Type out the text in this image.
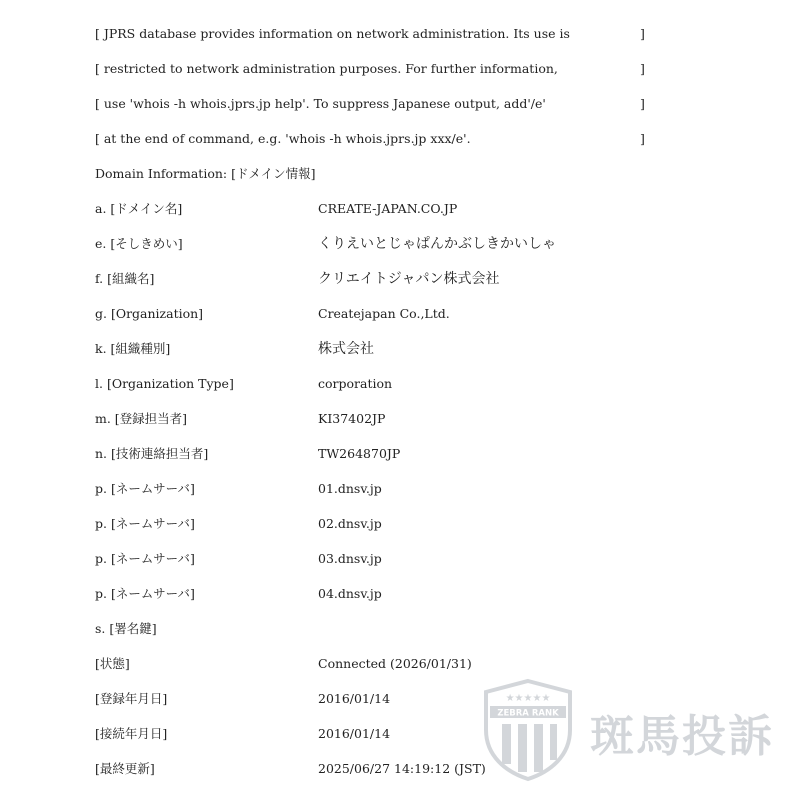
[ JPRS database provides information on network administration. Its use is	]
[ restricted to network administration purposes. For further information,	]
[ use 'whois -h whois.jprs.jp help'. To suppress Japanese output, add'/e'	]
[ at the end of command, e.g. 'whois -h whois.jprs.jp xxx/e'.	]
Domain Information: [ドメイン情報]
a. [ドメイン名]	CREATE-JAPAN.CO.JP
e. [そしきめい]	くりえいとじゃぱんかぶしきかいしゃ
f. [組織名]	クリエイトジャパン株式会社
g. [Organization]	Createjapan Co.,Ltd.
k. [組織種別]	株式会社
l. [Organization Type]	corporation
m. [登録担当者]	KI37402JP
n. [技術連絡担当者]	TW264870JP
p. [ネームサーバ]	01.dnsv.jp
p. [ネームサーバ]	02.dnsv.jp
p. [ネームサーバ]	03.dnsv.jp
p. [ネームサーバ]	04.dnsv.jp
s. [署名鍵]
[状態]	Connected (2026/01/31)
[登録年月日]	2016/01/14
[接続年月日]	2016/01/14
[最終更新]	2025/06/27 14:19:12 (JST)
★★★★★
ZEBRA RANK 斑馬投訴
